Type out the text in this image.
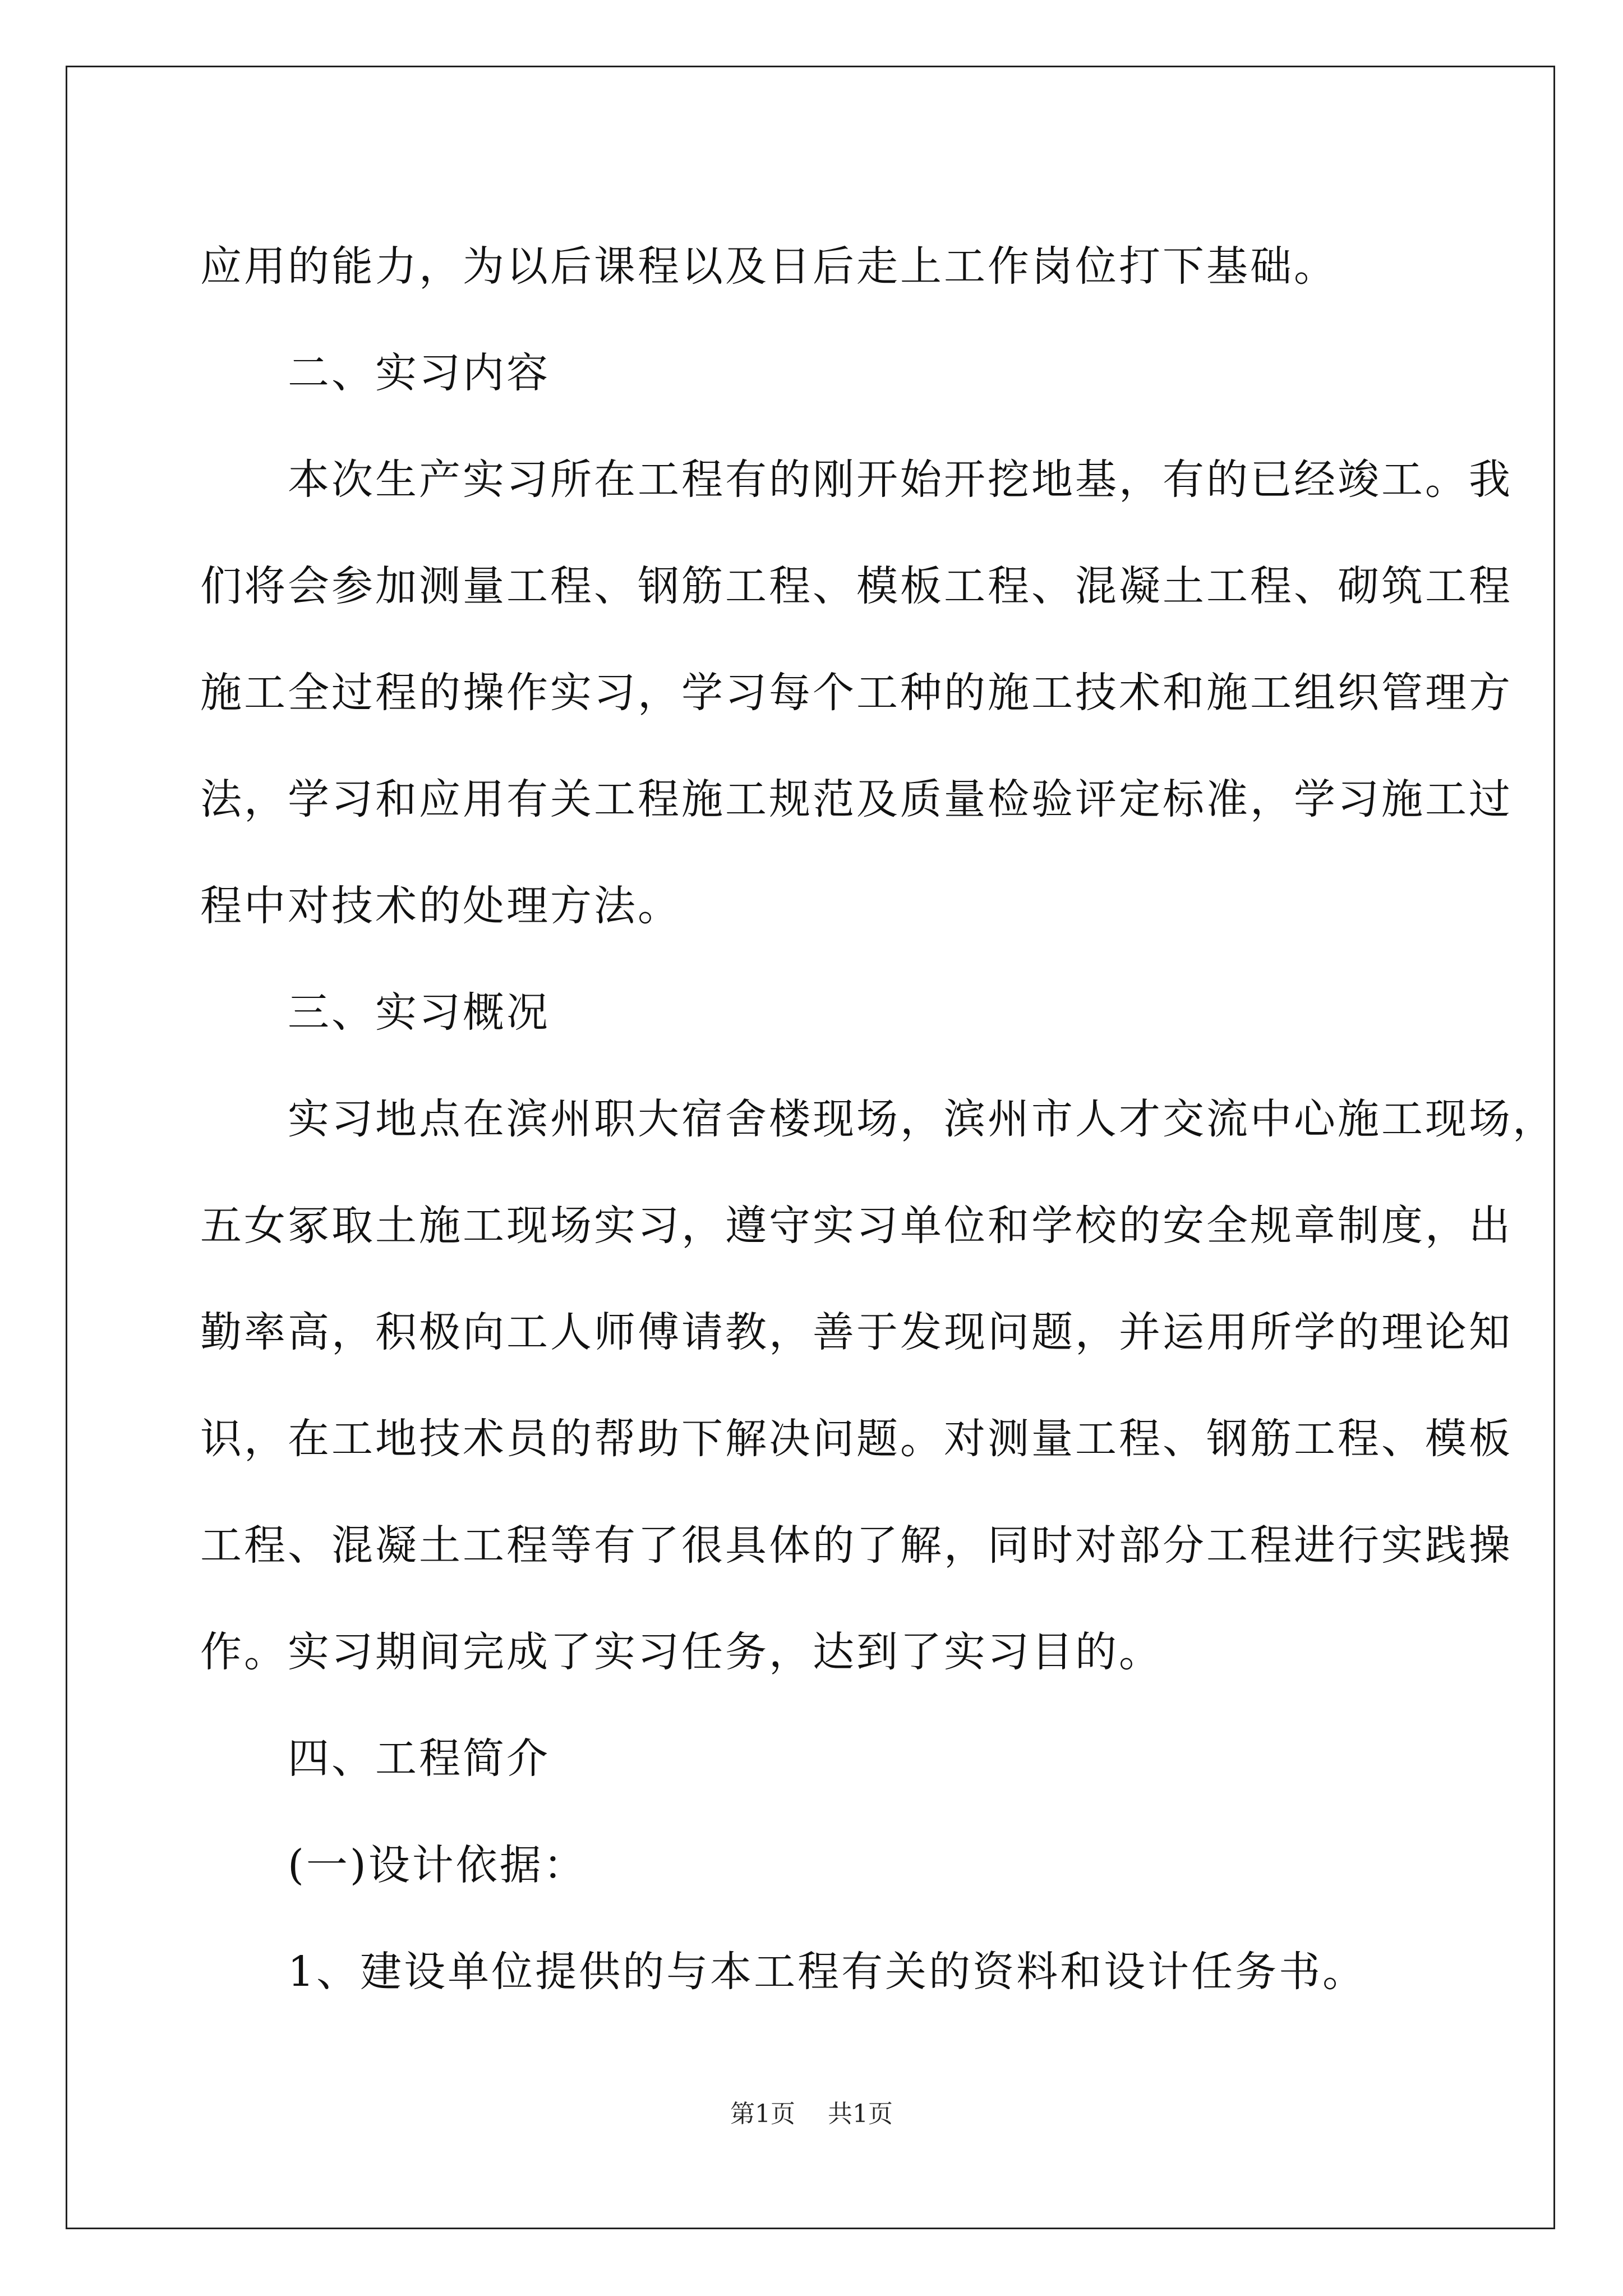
应用的能力，为以后课程以及日后走上工作岗位打下基础。
　　二、实习内容
　　本次生产实习所在工程有的刚开始开挖地基，有的已经竣工。我
们将会参加测量工程、钢筋工程、模板工程、混凝土工程、砌筑工程
施工全过程的操作实习，学习每个工种的施工技术和施工组织管理方
法，学习和应用有关工程施工规范及质量检验评定标准，学习施工过
程中对技术的处理方法。
　　三、实习概况
　　实习地点在滨州职大宿舍楼现场，滨州市人才交流中心施工现场，
五女冢取土施工现场实习，遵守实习单位和学校的安全规章制度，出
勤率高，积极向工人师傅请教，善于发现问题，并运用所学的理论知
识，在工地技术员的帮助下解决问题。对测量工程、钢筋工程、模板
工程、混凝土工程等有了很具体的了解，同时对部分工程进行实践操
作。实习期间完成了实习任务，达到了实习目的。
　　四、工程简介
　　(一)设计依据：
　　1、建设单位提供的与本工程有关的资料和设计任务书。
第1页 共1页
